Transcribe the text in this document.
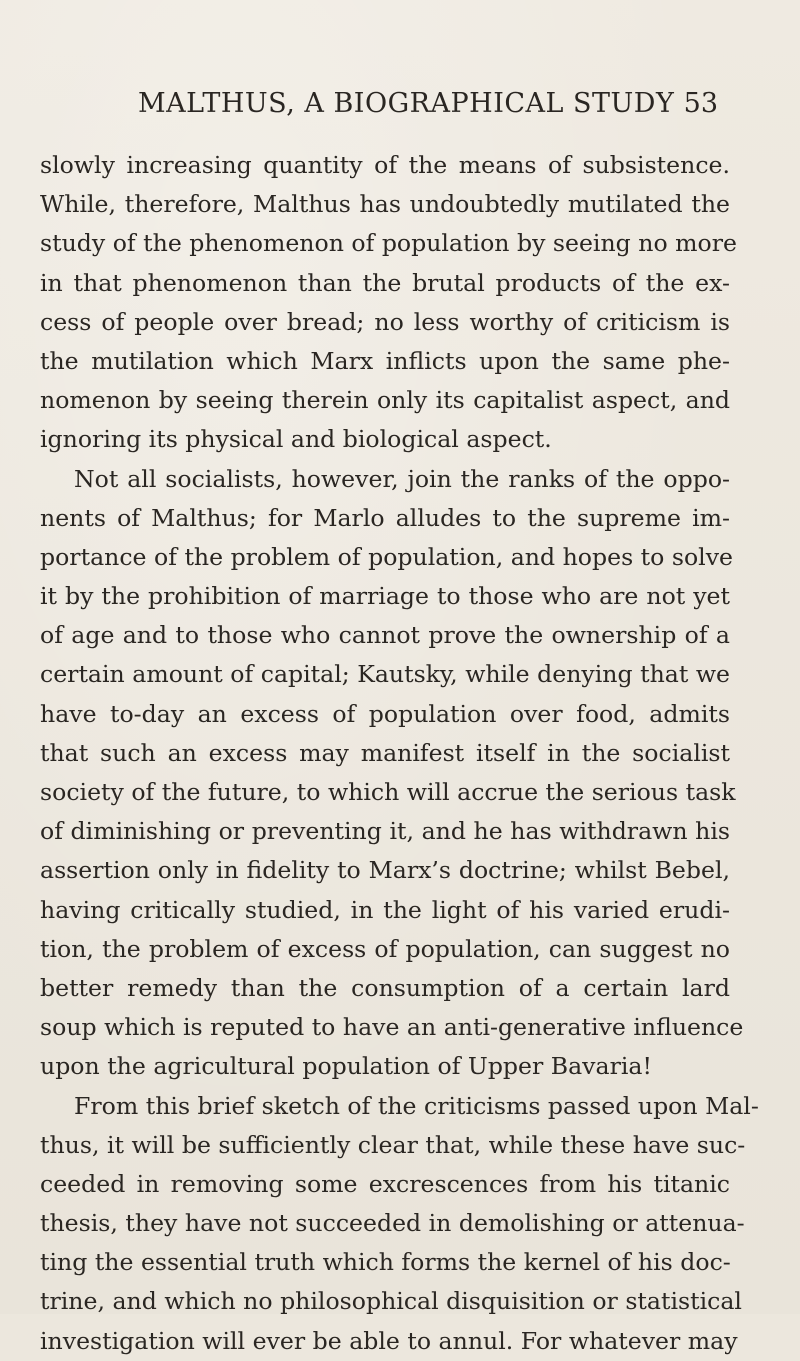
MALTHUS, A BIOGRAPHICAL STUDY 53
slowly increasing quantity of the means of subsistence.
While, therefore, Malthus has undoubtedly mutilated the
study of the phenomenon of population by seeing no more
in that phenomenon than the brutal products of the ex-
cess of people over bread; no less worthy of criticism is
the mutilation which Marx inflicts upon the same phe-
nomenon by seeing therein only its capitalist aspect, and
ignoring its physical and biological aspect.
Not all socialists, however, join the ranks of the oppo-
nents of Malthus; for Marlo alludes to the supreme im-
portance of the problem of population, and hopes to solve
it by the prohibition of marriage to those who are not yet
of age and to those who cannot prove the ownership of a
certain amount of capital; Kautsky, while denying that we
have to-day an excess of population over food, admits
that such an excess may manifest itself in the socialist
society of the future, to which will accrue the serious task
of diminishing or preventing it, and he has withdrawn his
assertion only in fidelity to Marx’s doctrine; whilst Bebel,
having critically studied, in the light of his varied erudi-
tion, the problem of excess of population, can suggest no
better remedy than the consumption of a certain lard
soup which is reputed to have an anti-generative influence
upon the agricultural population of Upper Bavaria!
From this brief sketch of the criticisms passed upon Mal-
thus, it will be sufficiently clear that, while these have suc-
ceeded in removing some excrescences from his titanic
thesis, they have not succeeded in demolishing or attenua-
ting the essential truth which forms the kernel of his doc-
trine, and which no philosophical disquisition or statistical
investigation will ever be able to annul. For whatever may
